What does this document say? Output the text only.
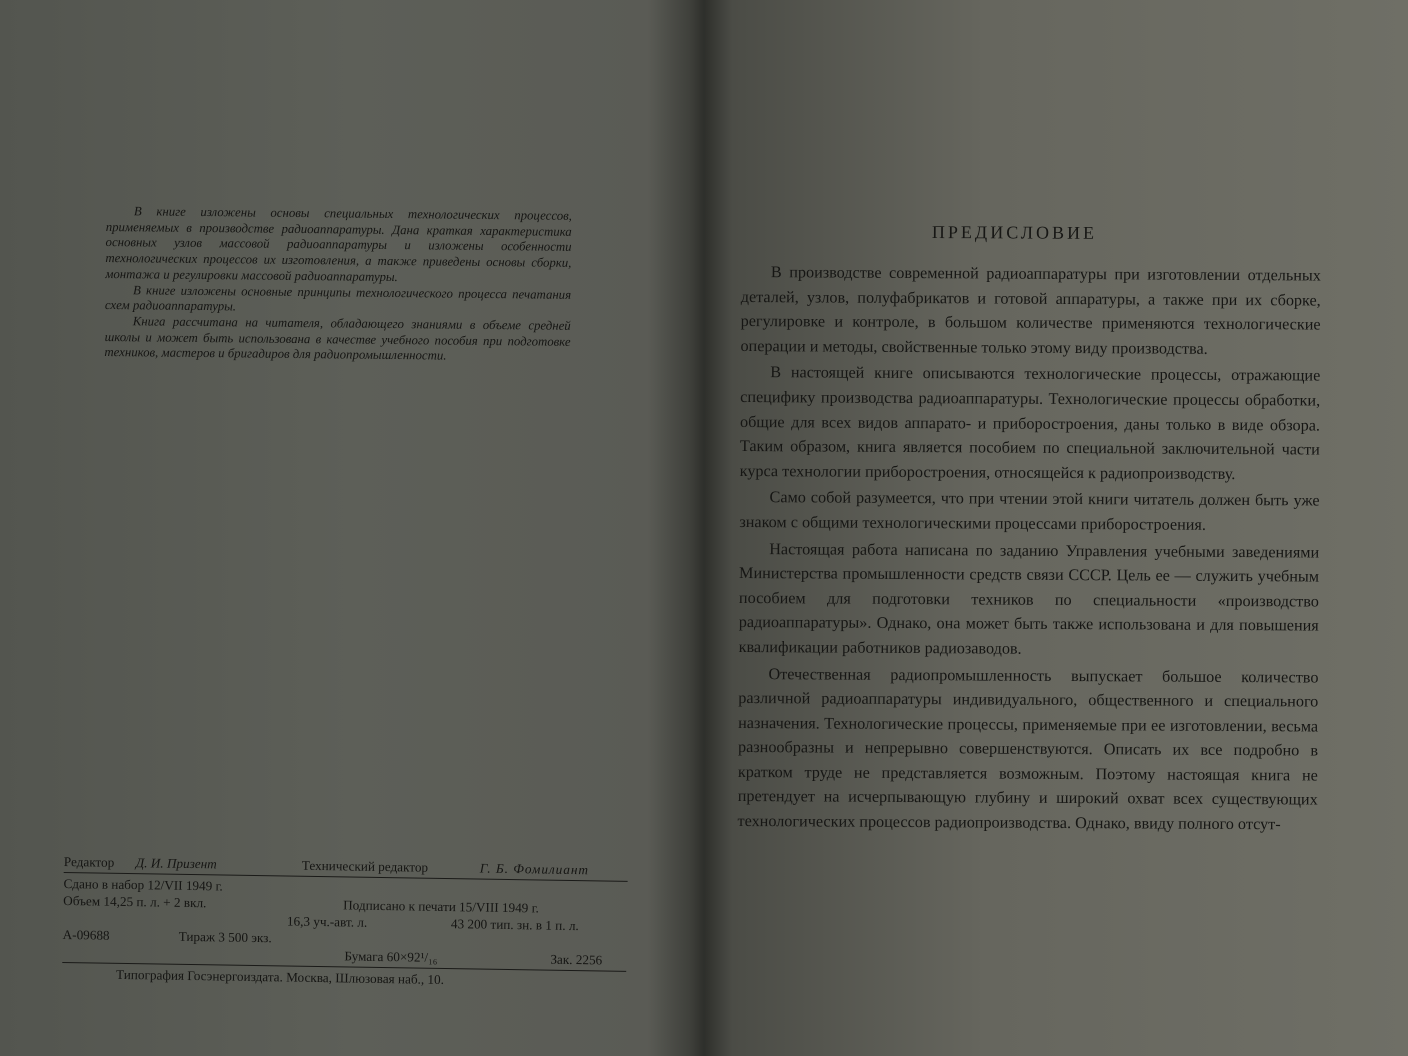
В книге изложены основы специальных технологических процессов, применяемых в производстве радиоаппаратуры. Дана краткая характеристика основных узлов массовой радиоаппаратуры и изложены особенности технологических процессов их изготовления, а также приведены основы сборки, монтажа и регулировки массовой радиоаппаратуры.

В книге изложены основные принципы технологического процесса печатания схем радиоаппаратуры.

Книга рассчитана на читателя, обладающего знаниями в объеме средней школы и может быть использована в качестве учебного пособия при подготовке техников, мастеров и бригадиров для радиопромышленности.

Редактор Д. И. Призент	Технический редактор	Г. Б. Фомилиант
Сдано в набор 12/VII 1949 г.
Объем 14,25 п. л. + 2 вкл.	Подписано к печати 15/VIII 1949 г.
16,3 уч.-авт. л.	43 200 тип. зн. в 1 п. л.
А-09688	Тираж 3 500 экз.
Бумага 60×92¹/₁₆	Зак. 2256
Типография Госэнергоиздата. Москва, Шлюзовая наб., 10.
ПРЕДИСЛОВИЕ

В производстве современной радиоаппаратуры при изготовлении отдельных деталей, узлов, полуфабрикатов и готовой аппаратуры, а также при их сборке, регулировке и контроле, в большом количестве применяются технологические операции и методы, свойственные только этому виду производства.

В настоящей книге описываются технологические процессы, отражающие специфику производства радиоаппаратуры. Технологические процессы обработки, общие для всех видов аппарато- и приборостроения, даны только в виде обзора. Таким образом, книга является пособием по специальной заключительной части курса технологии приборостроения, относящейся к радиопроизводству.

Само собой разумеется, что при чтении этой книги читатель должен быть уже знаком с общими технологическими процессами приборостроения.

Настоящая работа написана по заданию Управления учебными заведениями Министерства промышленности средств связи СССР. Цель ее — служить учебным пособием для подготовки техников по специальности «производство радиоаппаратуры». Однако, она может быть также использована и для повышения квалификации работников радиозаводов.

Отечественная радиопромышленность выпускает большое количество различной радиоаппаратуры индивидуального, общественного и специального назначения. Технологические процессы, применяемые при ее изготовлении, весьма разнообразны и непрерывно совершенствуются. Описать их все подробно в кратком труде не представляется возможным. Поэтому настоящая книга не претендует на исчерпывающую глубину и широкий охват всех существующих технологических процессов радиопроизводства. Однако, ввиду полного отсут-
